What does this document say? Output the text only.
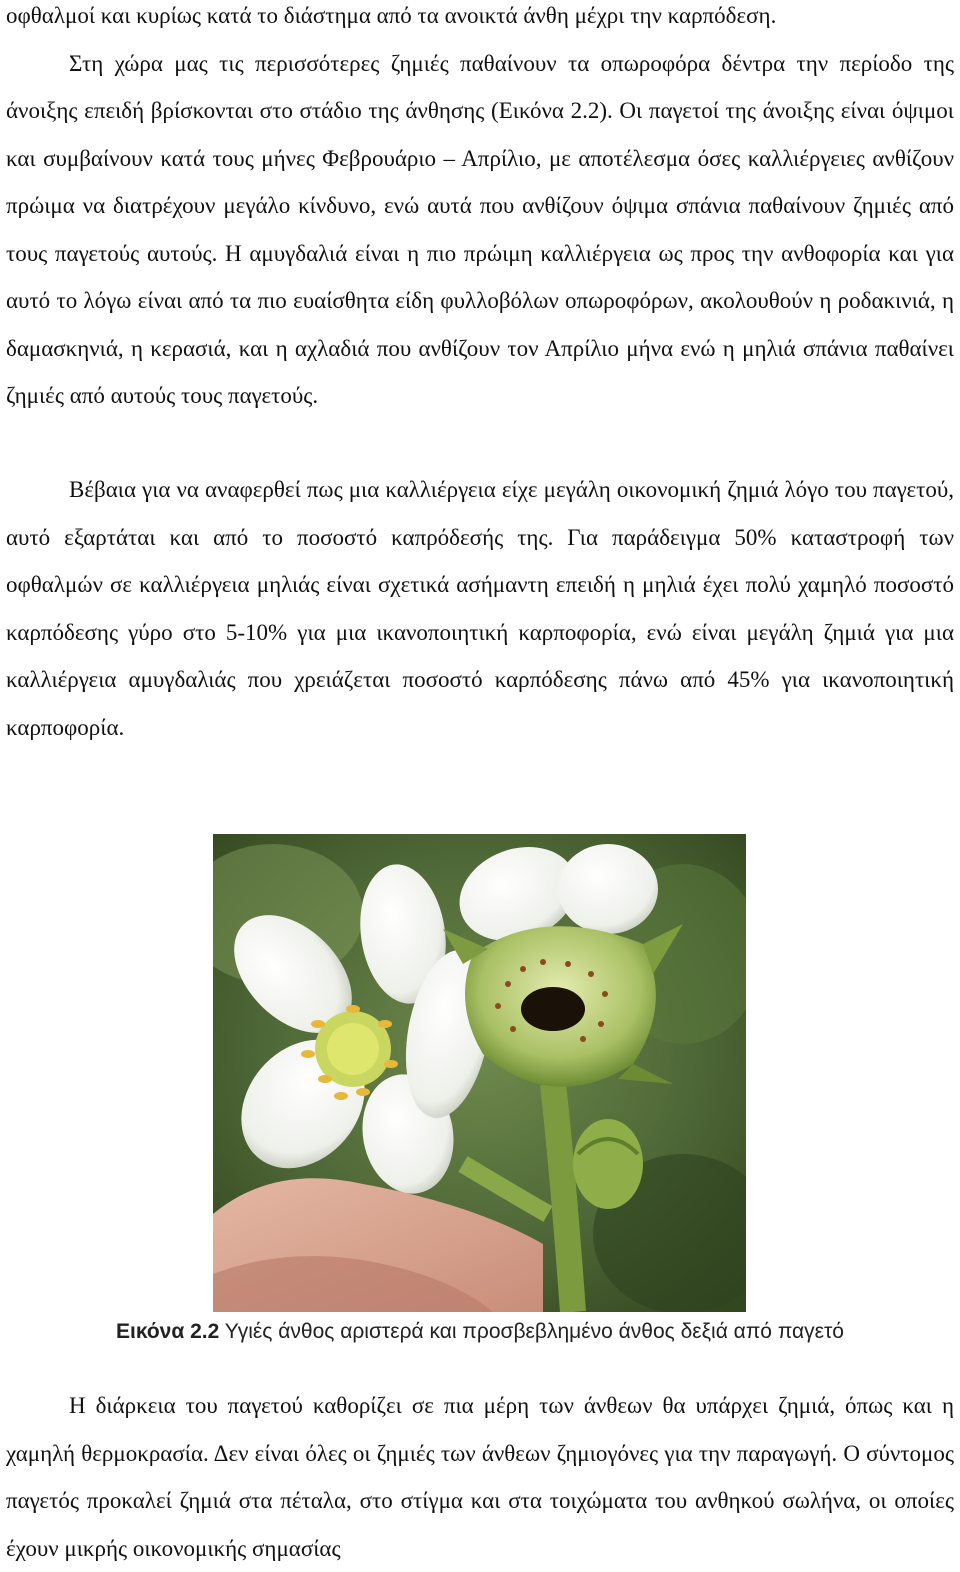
οφθαλμοί και κυρίως κατά το διάστημα από τα ανοικτά άνθη μέχρι την καρπόδεση.

Στη χώρα μας τις περισσότερες ζημιές παθαίνουν τα οπωροφόρα δέντρα την περίοδο της άνοιξης επειδή βρίσκονται στο στάδιο της άνθησης (Εικόνα 2.2). Οι παγετοί της άνοιξης είναι όψιμοι και συμβαίνουν κατά τους μήνες Φεβρουάριο – Απρίλιο, με αποτέλεσμα όσες καλλιέργειες ανθίζουν πρώιμα να διατρέχουν μεγάλο κίνδυνο, ενώ αυτά που ανθίζουν όψιμα σπάνια παθαίνουν ζημιές από τους παγετούς αυτούς. Η αμυγδαλιά είναι η πιο πρώιμη καλλιέργεια ως προς την ανθοφορία και για αυτό το λόγω είναι από τα πιο ευαίσθητα είδη φυλλοβόλων οπωροφόρων, ακολουθούν η ροδακινιά, η δαμασκηνιά, η κερασιά, και η αχλαδιά που ανθίζουν τον Απρίλιο μήνα ενώ η μηλιά σπάνια παθαίνει ζημιές από αυτούς τους παγετούς.

Βέβαια για να αναφερθεί πως μια καλλιέργεια είχε μεγάλη οικονομική ζημιά λόγο του παγετού, αυτό εξαρτάται και από το ποσοστό καπρόδεσής της. Για παράδειγμα 50% καταστροφή των οφθαλμών σε καλλιέργεια μηλιάς είναι σχετικά ασήμαντη επειδή η μηλιά έχει πολύ χαμηλό ποσοστό καρπόδεσης γύρο στο 5-10% για μια ικανοποιητική καρποφορία, ενώ είναι μεγάλη ζημιά για μια καλλιέργεια αμυγδαλιάς που χρειάζεται ποσοστό καρπόδεσης πάνω από 45% για ικανοποιητική καρποφορία.

Εικόνα 2.2 Υγιές άνθος αριστερά και προσβεβλημένο άνθος δεξιά από παγετό

Η διάρκεια του παγετού καθορίζει σε πια μέρη των άνθεων θα υπάρχει ζημιά, όπως και η χαμηλή θερμοκρασία. Δεν είναι όλες οι ζημιές των άνθεων ζημιογόνες για την παραγωγή. Ο σύντομος παγετός προκαλεί ζημιά στα πέταλα, στο στίγμα και στα τοιχώματα του ανθηκού σωλήνα, οι οποίες έχουν μικρής οικονομικής σημασίας
